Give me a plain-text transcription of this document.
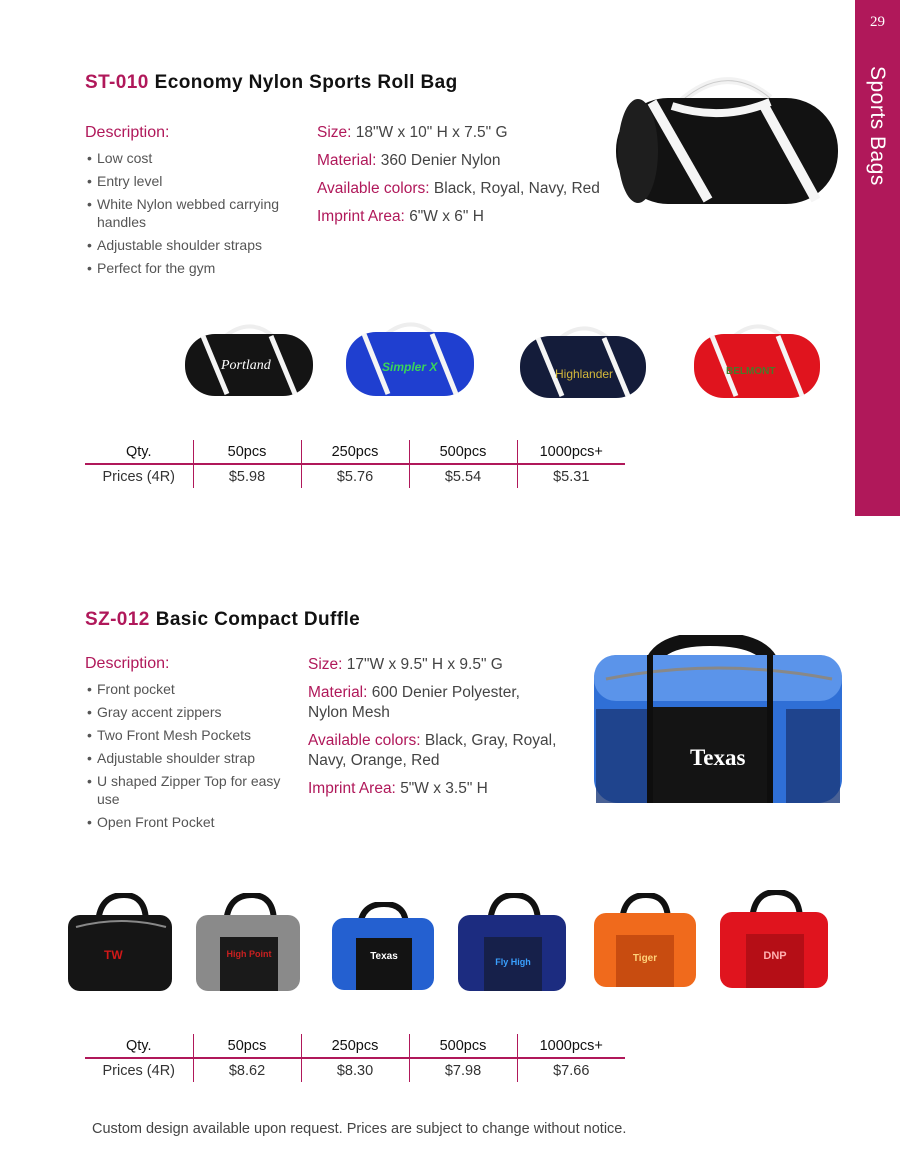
29
Sports Bags
ST-010 Economy Nylon Sports Roll Bag
Description:
• Low cost
• Entry level
• White Nylon webbed carrying handles
• Adjustable shoulder straps
• Perfect for the gym
Size: 18"W x 10" H x 7.5" G
Material: 360 Denier Nylon
Available colors: Black, Royal, Navy, Red
Imprint Area: 6"W x 6" H
Portland	Simpler X	Highlander	BELMONT
Qty.	50pcs	250pcs	500pcs	1000pcs+
Prices (4R)	$5.98	$5.76	$5.54	$5.31
SZ-012 Basic Compact Duffle
Description:
• Front pocket
• Gray accent zippers
• Two Front Mesh Pockets
• Adjustable shoulder strap
• U shaped Zipper Top for easy use
• Open Front Pocket
Size: 17"W x 9.5" H x 9.5" G
Material: 600 Denier Polyester, Nylon Mesh
Available colors: Black, Gray, Royal, Navy, Orange, Red
Imprint Area: 5"W x 3.5" H
Texas
TW	High Point	Texas	Fly High	Tiger	DNP
Qty.	50pcs	250pcs	500pcs	1000pcs+
Prices (4R)	$8.62	$8.30	$7.98	$7.66
Custom design available upon request. Prices are subject to change without notice.
